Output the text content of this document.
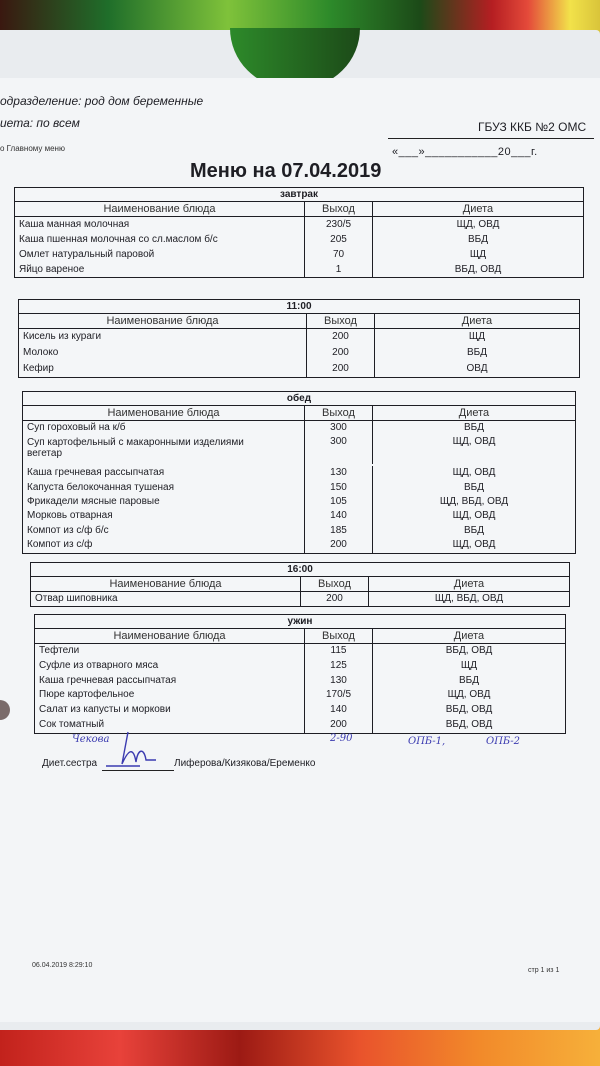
одразделение: род дом беременные
иета: по всем
о Главному меню
ГБУЗ ККБ №2 ОМС
«___»___________20___г.
Меню на 07.04.2019
завтрак
Наименование блюда	Выход	Диета
Каша манная молочная	230/5	ЩД, ОВД
Каша пшенная молочная со сл.маслом б/с	205	ВБД
Омлет натуральный паровой	70	ЩД
Яйцо вареное	1	ВБД, ОВД
11:00
Наименование блюда	Выход	Диета
Кисель из кураги	200	ЩД
Молоко	200	ВБД
Кефир	200	ОВД
обед
Наименование блюда	Выход	Диета
Суп гороховый на к/б	300	ВБД
Суп картофельный с макаронными изделиями
вегетар
300	ЩД, ОВД
Каша гречневая рассыпчатая	130	ЩД, ОВД
Капуста белокочанная тушеная	150	ВБД
Фрикадели мясные паровые	105	ЩД, ВБД, ОВД
Морковь отварная	140	ЩД, ОВД
Компот из с/ф б/с	185	ВБД
Компот из с/ф	200	ЩД, ОВД
16:00
Наименование блюда	Выход	Диета
Отвар шиповника	200	ЩД, ВБД, ОВД
ужин
Наименование блюда	Выход	Диета
Тефтели	115	ВБД, ОВД
Суфле из отварного мяса	125	ЩД
Каша гречневая рассыпчатая	130	ВБД
Пюре картофельное	170/5	ЩД, ОВД
Салат из капусты и моркови	140	ВБД, ОВД
Сок томатный	200	ВБД, ОВД
Чекова	2-90	ОПБ-1,	ОПБ-2
Диет.сестра	Лиферова/Кизякова/Еременко
06.04.2019 8:29:10
стр 1 из 1
